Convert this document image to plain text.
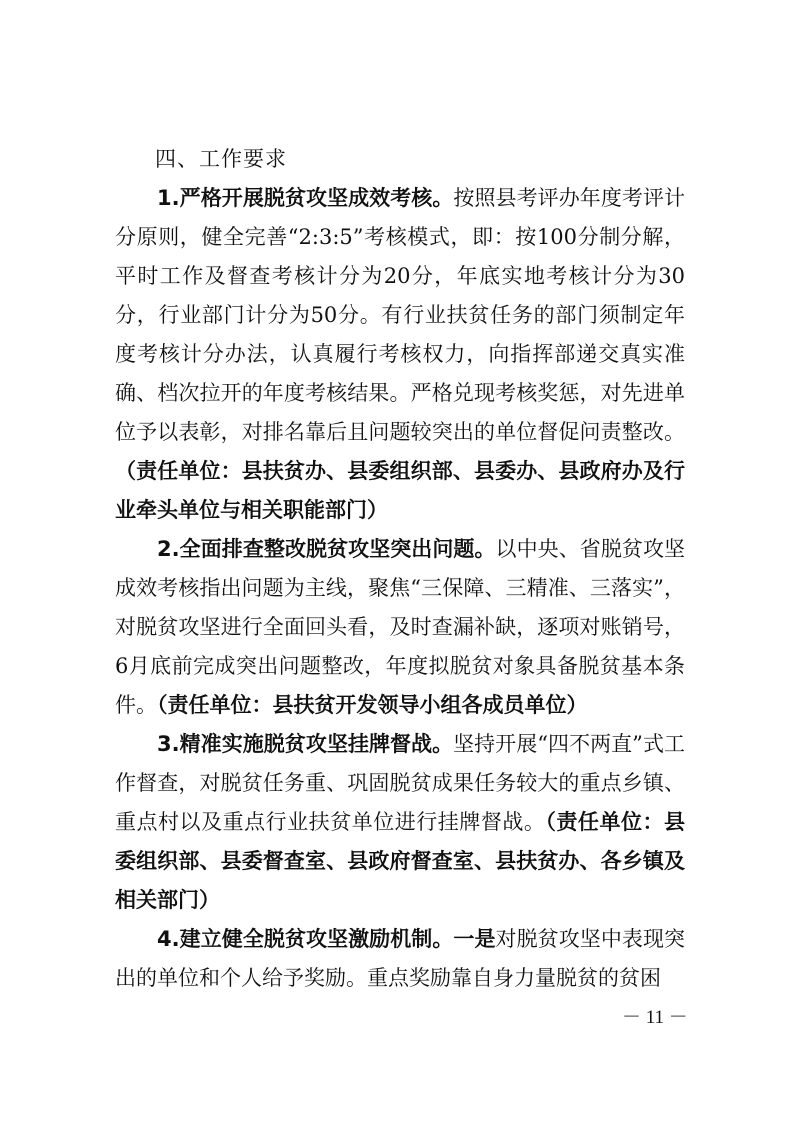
四、工作要求

1.严格开展脱贫攻坚成效考核。按照县考评办年度考评计分原则，健全完善“2:3:5”考核模式，即：按100分制分解，平时工作及督查考核计分为20分，年底实地考核计分为30分，行业部门计分为50分。有行业扶贫任务的部门须制定年度考核计分办法，认真履行考核权力，向指挥部递交真实准确、档次拉开的年度考核结果。严格兑现考核奖惩，对先进单位予以表彰，对排名靠后且问题较突出的单位督促问责整改。（责任单位：县扶贫办、县委组织部、县委办、县政府办及行业牵头单位与相关职能部门）

2.全面排查整改脱贫攻坚突出问题。以中央、省脱贫攻坚成效考核指出问题为主线，聚焦“三保障、三精准、三落实”，对脱贫攻坚进行全面回头看，及时查漏补缺，逐项对账销号，6月底前完成突出问题整改，年度拟脱贫对象具备脱贫基本条件。（责任单位：县扶贫开发领导小组各成员单位）

3.精准实施脱贫攻坚挂牌督战。坚持开展“四不两直”式工作督查，对脱贫任务重、巩固脱贫成果任务较大的重点乡镇、重点村以及重点行业扶贫单位进行挂牌督战。（责任单位：县委组织部、县委督查室、县政府督查室、县扶贫办、各乡镇及相关部门）

4.建立健全脱贫攻坚激励机制。一是对脱贫攻坚中表现突出的单位和个人给予奖励。重点奖励靠自身力量脱贫的贫困

－ 11 －
